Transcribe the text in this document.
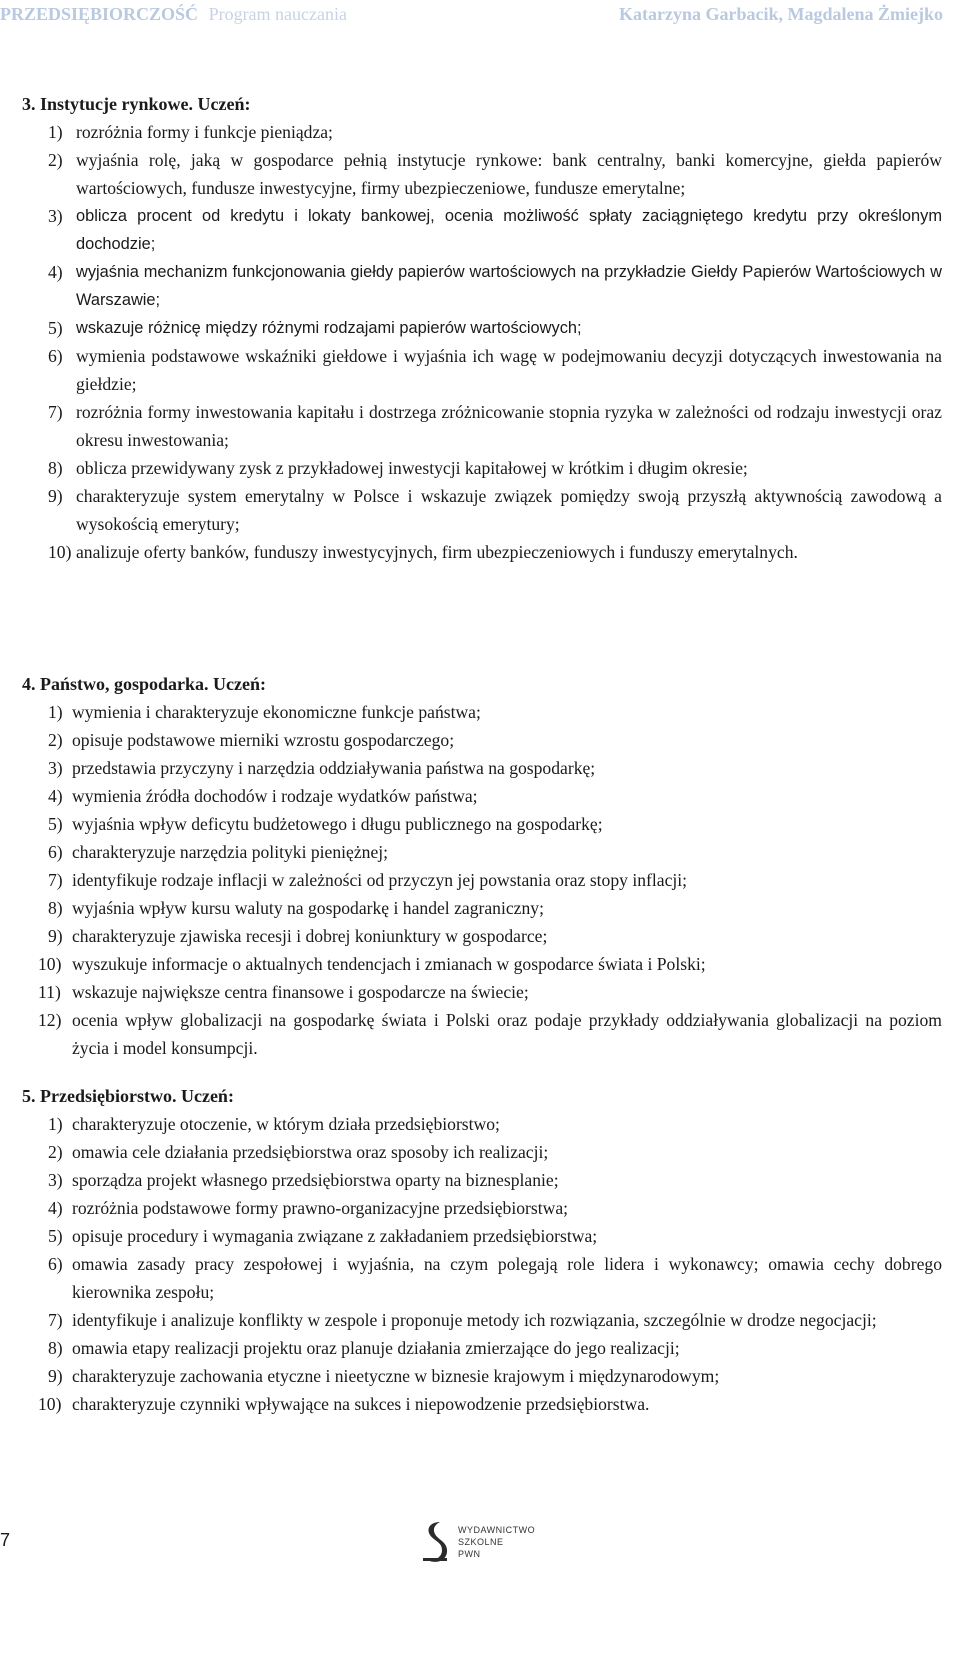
PRZEDSIĘBIORCZOŚĆ Program nauczania	Katarzyna Garbacik, Magdalena Żmiejko
3. Instytucje rynkowe. Uczeń:
1) rozróżnia formy i funkcje pieniądza;
2) wyjaśnia rolę, jaką w gospodarce pełnią instytucje rynkowe: bank centralny, banki komercyjne, giełda papierów wartościowych, fundusze inwestycyjne, firmy ubezpieczeniowe, fundusze emerytalne;
3) oblicza procent od kredytu i lokaty bankowej, ocenia możliwość spłaty zaciągniętego kredytu przy określonym dochodzie;
4) wyjaśnia mechanizm funkcjonowania giełdy papierów wartościowych na przykładzie Giełdy Papierów Wartościowych w Warszawie;
5) wskazuje różnicę między różnymi rodzajami papierów wartościowych;
6) wymienia podstawowe wskaźniki giełdowe i wyjaśnia ich wagę w podejmowaniu decyzji dotyczących inwestowania na giełdzie;
7) rozróżnia formy inwestowania kapitału i dostrzega zróżnicowanie stopnia ryzyka w zależności od rodzaju inwestycji oraz okresu inwestowania;
8) oblicza przewidywany zysk z przykładowej inwestycji kapitałowej w krótkim i długim okresie;
9) charakteryzuje system emerytalny w Polsce i wskazuje związek pomiędzy swoją przyszłą aktywnością zawodową a wysokością emerytury;
10) analizuje oferty banków, funduszy inwestycyjnych, firm ubezpieczeniowych i funduszy emerytalnych.
4. Państwo, gospodarka. Uczeń:
1) wymienia i charakteryzuje ekonomiczne funkcje państwa;
2) opisuje podstawowe mierniki wzrostu gospodarczego;
3) przedstawia przyczyny i narzędzia oddziaływania państwa na gospodarkę;
4) wymienia źródła dochodów i rodzaje wydatków państwa;
5) wyjaśnia wpływ deficytu budżetowego i długu publicznego na gospodarkę;
6) charakteryzuje narzędzia polityki pieniężnej;
7) identyfikuje rodzaje inflacji w zależności od przyczyn jej powstania oraz stopy inflacji;
8) wyjaśnia wpływ kursu waluty na gospodarkę i handel zagraniczny;
9) charakteryzuje zjawiska recesji i dobrej koniunktury w gospodarce;
10) wyszukuje informacje o aktualnych tendencjach i zmianach w gospodarce świata i Polski;
11) wskazuje największe centra finansowe i gospodarcze na świecie;
12) ocenia wpływ globalizacji na gospodarkę świata i Polski oraz podaje przykłady oddziaływania globalizacji na poziom życia i model konsumpcji.
5. Przedsiębiorstwo. Uczeń:
1) charakteryzuje otoczenie, w którym działa przedsiębiorstwo;
2) omawia cele działania przedsiębiorstwa oraz sposoby ich realizacji;
3) sporządza projekt własnego przedsiębiorstwa oparty na biznesplanie;
4) rozróżnia podstawowe formy prawno-organizacyjne przedsiębiorstwa;
5) opisuje procedury i wymagania związane z zakładaniem przedsiębiorstwa;
6) omawia zasady pracy zespołowej i wyjaśnia, na czym polegają role lidera i wykonawcy; omawia cechy dobrego kierownika zespołu;
7) identyfikuje i analizuje konflikty w zespole i proponuje metody ich rozwiązania, szczególnie w drodze negocjacji;
8) omawia etapy realizacji projektu oraz planuje działania zmierzające do jego realizacji;
9) charakteryzuje zachowania etyczne i nieetyczne w biznesie krajowym i międzynarodowym;
10) charakteryzuje czynniki wpływające na sukces i niepowodzenie przedsiębiorstwa.
7	WYDAWNICTWO
SZKOLNE
PWN
